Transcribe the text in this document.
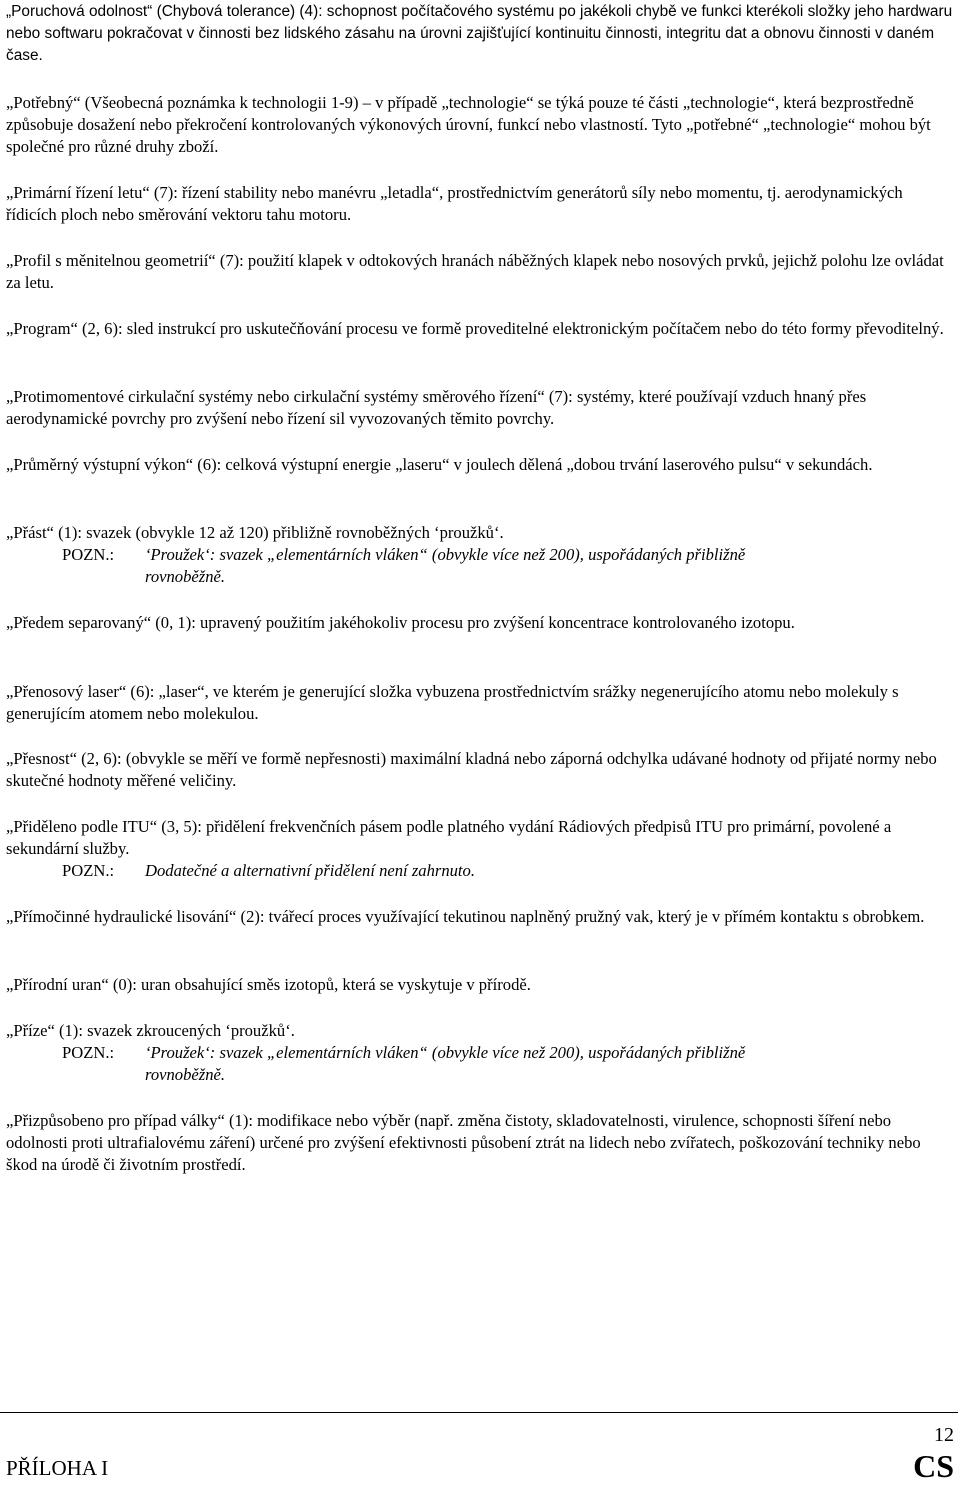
„Poruchová odolnost“ (Chybová tolerance) (4): schopnost počítačového systému po jakékoli chybě ve funkci kterékoli složky jeho hardwaru nebo softwaru pokračovat v činnosti bez lidského zásahu na úrovni zajišťující kontinuitu činnosti, integritu dat a obnovu činnosti v daném čase.

„Potřebný“ (Všeobecná poznámka k technologii 1-9) – v případě „technologie“ se týká pouze té části „technologie“, která bezprostředně způsobuje dosažení nebo překročení kontrolovaných výkonových úrovní, funkcí nebo vlastností. Tyto „potřebné“ „technologie“ mohou být společné pro různé druhy zboží.

„Primární řízení letu“ (7): řízení stability nebo manévru „letadla“, prostřednictvím generátorů síly nebo momentu, tj. aerodynamických řídicích ploch nebo směrování vektoru tahu motoru.

„Profil s měnitelnou geometrií“ (7): použití klapek v odtokových hranách náběžných klapek nebo nosových prvků, jejichž polohu lze ovládat za letu.

„Program“ (2, 6): sled instrukcí pro uskutečňování procesu ve formě proveditelné elektronickým počítačem nebo do této formy převoditelný.

„Protimomentové cirkulační systémy nebo cirkulační systémy směrového řízení“ (7): systémy, které používají vzduch hnaný přes aerodynamické povrchy pro zvýšení nebo řízení sil vyvozovaných těmito povrchy.

„Průměrný výstupní výkon“ (6): celková výstupní energie „laseru“ v joulech dělená „dobou trvání laserového pulsu“ v sekundách.

„Přást“ (1): svazek (obvykle 12 až 120) přibližně rovnoběžných ‘proužků‘.

POZN.: ‘Proužek‘: svazek „elementárních vláken“ (obvykle více než 200), uspořádaných přibližně
rovnoběžně.

„Předem separovaný“ (0, 1): upravený použitím jakéhokoliv procesu pro zvýšení koncentrace kontrolovaného izotopu.

„Přenosový laser“ (6): „laser“, ve kterém je generující složka vybuzena prostřednictvím srážky negenerujícího atomu nebo molekuly s generujícím atomem nebo molekulou.

„Přesnost“ (2, 6): (obvykle se měří ve formě nepřesnosti) maximální kladná nebo záporná odchylka udávané hodnoty od přijaté normy nebo skutečné hodnoty měřené veličiny.

„Přiděleno podle ITU“ (3, 5): přidělení frekvenčních pásem podle platného vydání Rádiových předpisů ITU pro primární, povolené a sekundární služby.

POZN.: Dodatečné a alternativní přidělení není zahrnuto.

„Přímočinné hydraulické lisování“ (2): tvářecí proces využívající tekutinou naplněný pružný vak, který je v přímém kontaktu s obrobkem.

„Přírodní uran“ (0): uran obsahující směs izotopů, která se vyskytuje v přírodě.

„Příze“ (1): svazek zkroucených ‘proužků‘.

POZN.: ‘Proužek‘: svazek „elementárních vláken“ (obvykle více než 200), uspořádaných přibližně
rovnoběžně.

„Přizpůsobeno pro případ války“ (1): modifikace nebo výběr (např. změna čistoty, skladovatelnosti, virulence, schopnosti šíření nebo odolnosti proti ultrafialovému záření) určené pro zvýšení efektivnosti působení ztrát na lidech nebo zvířatech, poškozování techniky nebo škod na úrodě či životním prostředí.

12
PŘÍLOHA I	CS
